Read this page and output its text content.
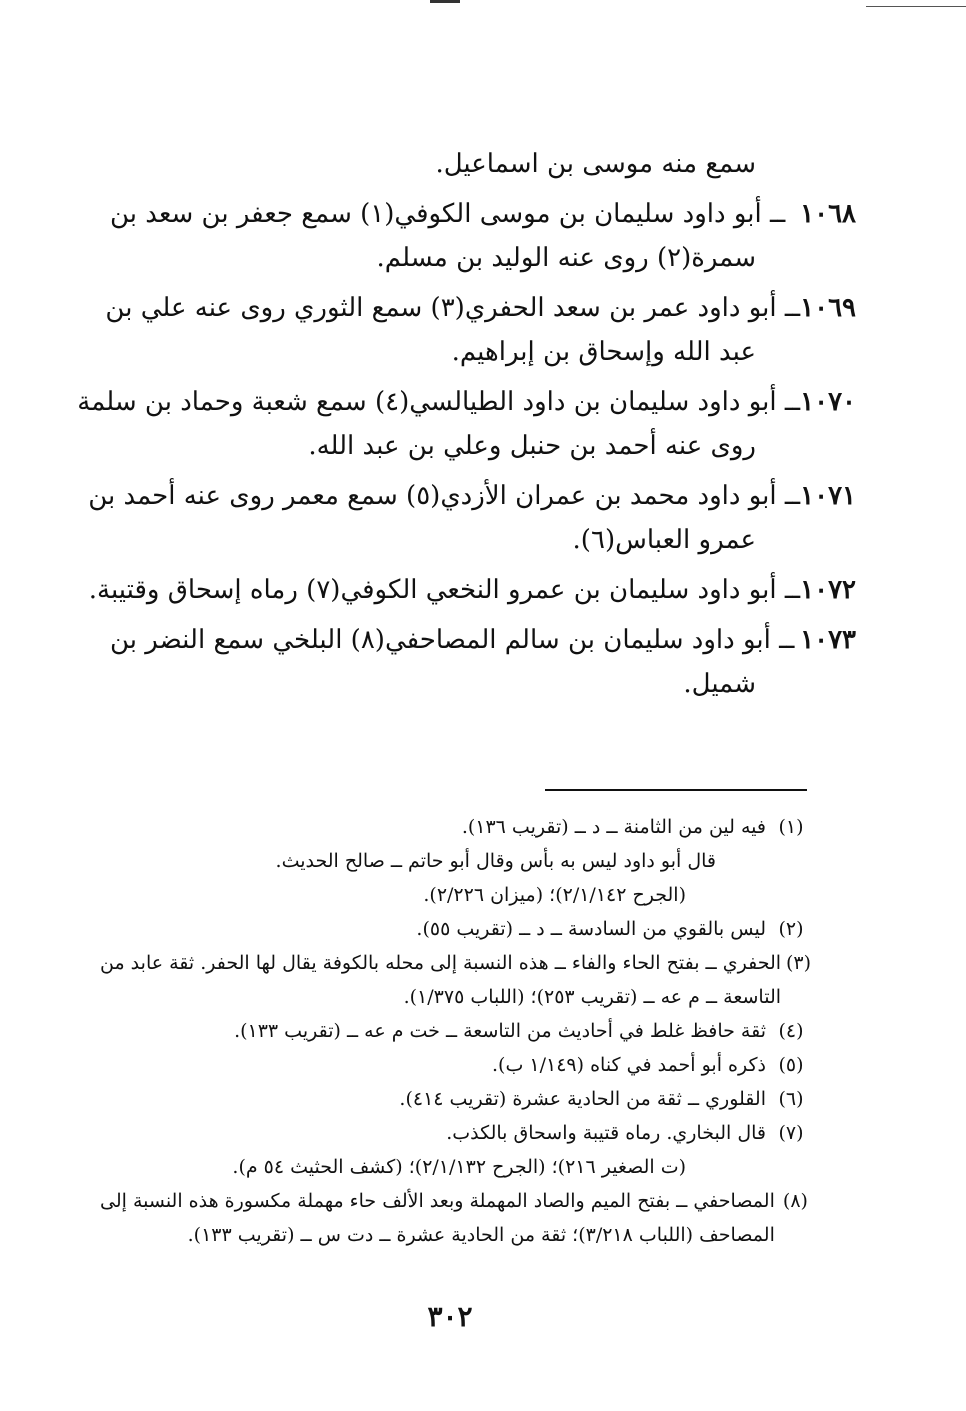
سمع منه موسى بن اسماعيل.
١٠٦٨
ــ أبو داود سليمان بن موسى الكوفي(١) سمع جعفر بن سعد بن
سمرة(٢) روى عنه الوليد بن مسلم.
١٠٦٩
ــ أبو داود عمر بن سعد الحفري(٣) سمع الثوري روى عنه علي بن
عبد الله وإسحاق بن إبراهيم.
١٠٧٠
ــ أبو داود سليمان بن داود الطيالسي(٤) سمع شعبة وحماد بن سلمة
روى عنه أحمد بن حنبل وعلي بن عبد الله.
١٠٧١
ــ أبو داود محمد بن عمران الأزدي(٥) سمع معمر روى عنه أحمد بن
عمرو العباس(٦).
١٠٧٢
ــ أبو داود سليمان بن عمرو النخعي الكوفي(٧) رماه إسحاق وقتيبة.
١٠٧٣
ــ أبو داود سليمان بن سالم المصاحفي(٨) البلخي سمع النضر بن
شميل.
(١)
فيه لين من الثامنة ــ د ــ (تقريب ١٣٦).
قال أبو داود ليس به بأس وقال أبو حاتم ــ صالح الحديث.
(الجرح ٢/١/١٤٢)؛ (ميزان ٢/٢٢٦).
(٢)
ليس بالقوي من السادسة ــ د ــ (تقريب ٥٥).
(٣)
الحفري ــ بفتح الحاء والفاء ــ هذه النسبة إلى محله بالكوفة يقال لها الحفر. ثقة عابد من
التاسعة ــ م عه ــ (تقريب ٢٥٣)؛ (اللباب ١/٣٧٥).
(٤)
ثقة حافظ غلط في أحاديث من التاسعة ــ خت م عه ــ (تقريب ١٣٣).
(٥)
ذكره أبو أحمد في كناه (١/١٤٩ ب).
(٦)
القلوري ــ ثقة من الحادية عشرة (تقريب ٤١٤).
(٧)
قال البخاري. رماه قتيبة واسحاق بالكذب.
(ت الصغير ٢١٦)؛ (الجرح ٢/١/١٣٢)؛ (كشف الحثيث ٥٤ م).
(٨)
المصاحفي ــ بفتح الميم والصاد المهملة وبعد الألف حاء مهملة مكسورة هذه النسبة إلى
المصاحف (اللباب ٣/٢١٨)؛ ثقة من الحادية عشرة ــ دت س ــ (تقريب ١٣٣).
٣٠٢
